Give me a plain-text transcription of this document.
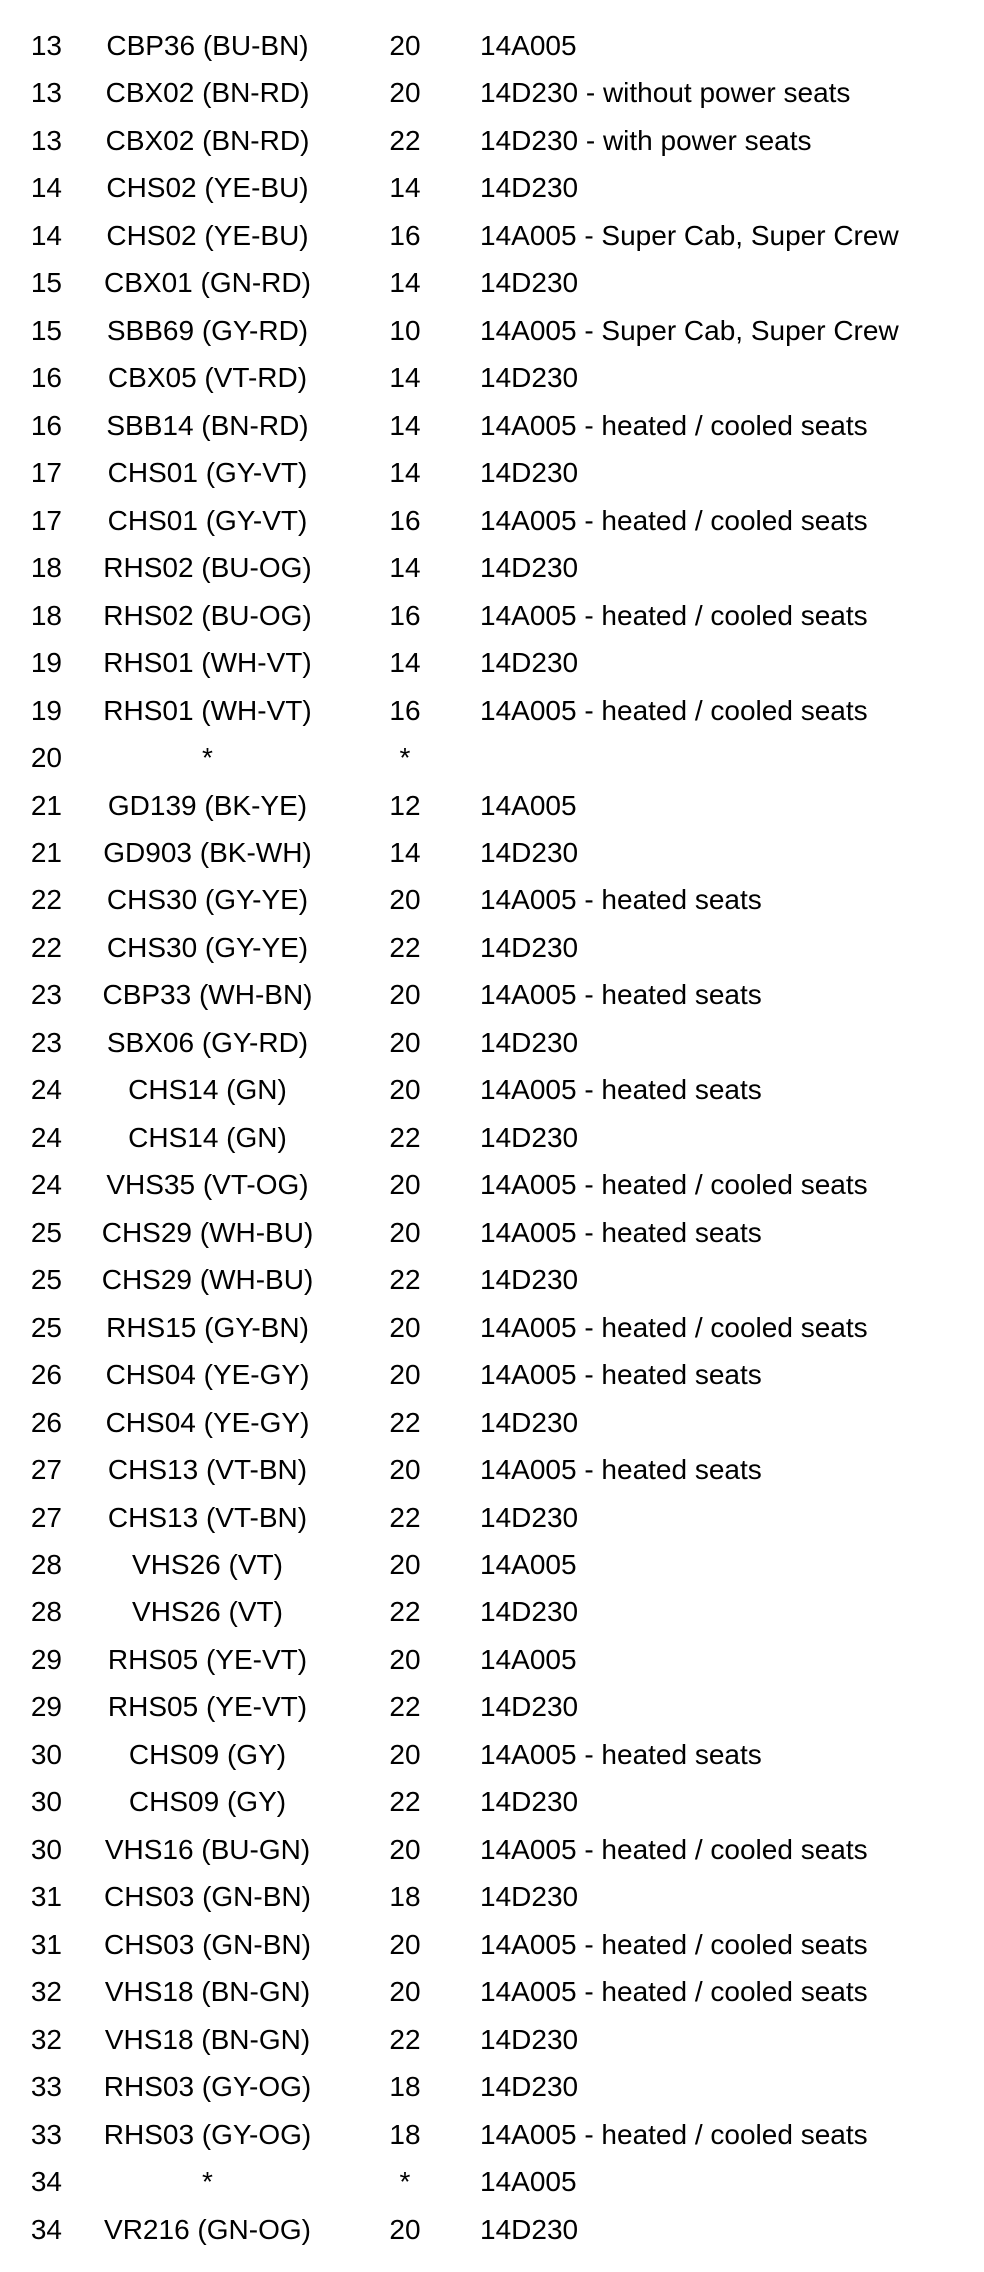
13	CBP36 (BU-BN)	20	14A005
13	CBX02 (BN-RD)	20	14D230 - without power seats
13	CBX02 (BN-RD)	22	14D230 - with power seats
14	CHS02 (YE-BU)	14	14D230
14	CHS02 (YE-BU)	16	14A005 - Super Cab, Super Crew
15	CBX01 (GN-RD)	14	14D230
15	SBB69 (GY-RD)	10	14A005 - Super Cab, Super Crew
16	CBX05 (VT-RD)	14	14D230
16	SBB14 (BN-RD)	14	14A005 - heated / cooled seats
17	CHS01 (GY-VT)	14	14D230
17	CHS01 (GY-VT)	16	14A005 - heated / cooled seats
18	RHS02 (BU-OG)	14	14D230
18	RHS02 (BU-OG)	16	14A005 - heated / cooled seats
19	RHS01 (WH-VT)	14	14D230
19	RHS01 (WH-VT)	16	14A005 - heated / cooled seats
20	*	*
21	GD139 (BK-YE)	12	14A005
21	GD903 (BK-WH)	14	14D230
22	CHS30 (GY-YE)	20	14A005 - heated seats
22	CHS30 (GY-YE)	22	14D230
23	CBP33 (WH-BN)	20	14A005 - heated seats
23	SBX06 (GY-RD)	20	14D230
24	CHS14 (GN)	20	14A005 - heated seats
24	CHS14 (GN)	22	14D230
24	VHS35 (VT-OG)	20	14A005 - heated / cooled seats
25	CHS29 (WH-BU)	20	14A005 - heated seats
25	CHS29 (WH-BU)	22	14D230
25	RHS15 (GY-BN)	20	14A005 - heated / cooled seats
26	CHS04 (YE-GY)	20	14A005 - heated seats
26	CHS04 (YE-GY)	22	14D230
27	CHS13 (VT-BN)	20	14A005 - heated seats
27	CHS13 (VT-BN)	22	14D230
28	VHS26 (VT)	20	14A005
28	VHS26 (VT)	22	14D230
29	RHS05 (YE-VT)	20	14A005
29	RHS05 (YE-VT)	22	14D230
30	CHS09 (GY)	20	14A005 - heated seats
30	CHS09 (GY)	22	14D230
30	VHS16 (BU-GN)	20	14A005 - heated / cooled seats
31	CHS03 (GN-BN)	18	14D230
31	CHS03 (GN-BN)	20	14A005 - heated / cooled seats
32	VHS18 (BN-GN)	20	14A005 - heated / cooled seats
32	VHS18 (BN-GN)	22	14D230
33	RHS03 (GY-OG)	18	14D230
33	RHS03 (GY-OG)	18	14A005 - heated / cooled seats
34	*	*	14A005
34	VR216 (GN-OG)	20	14D230
